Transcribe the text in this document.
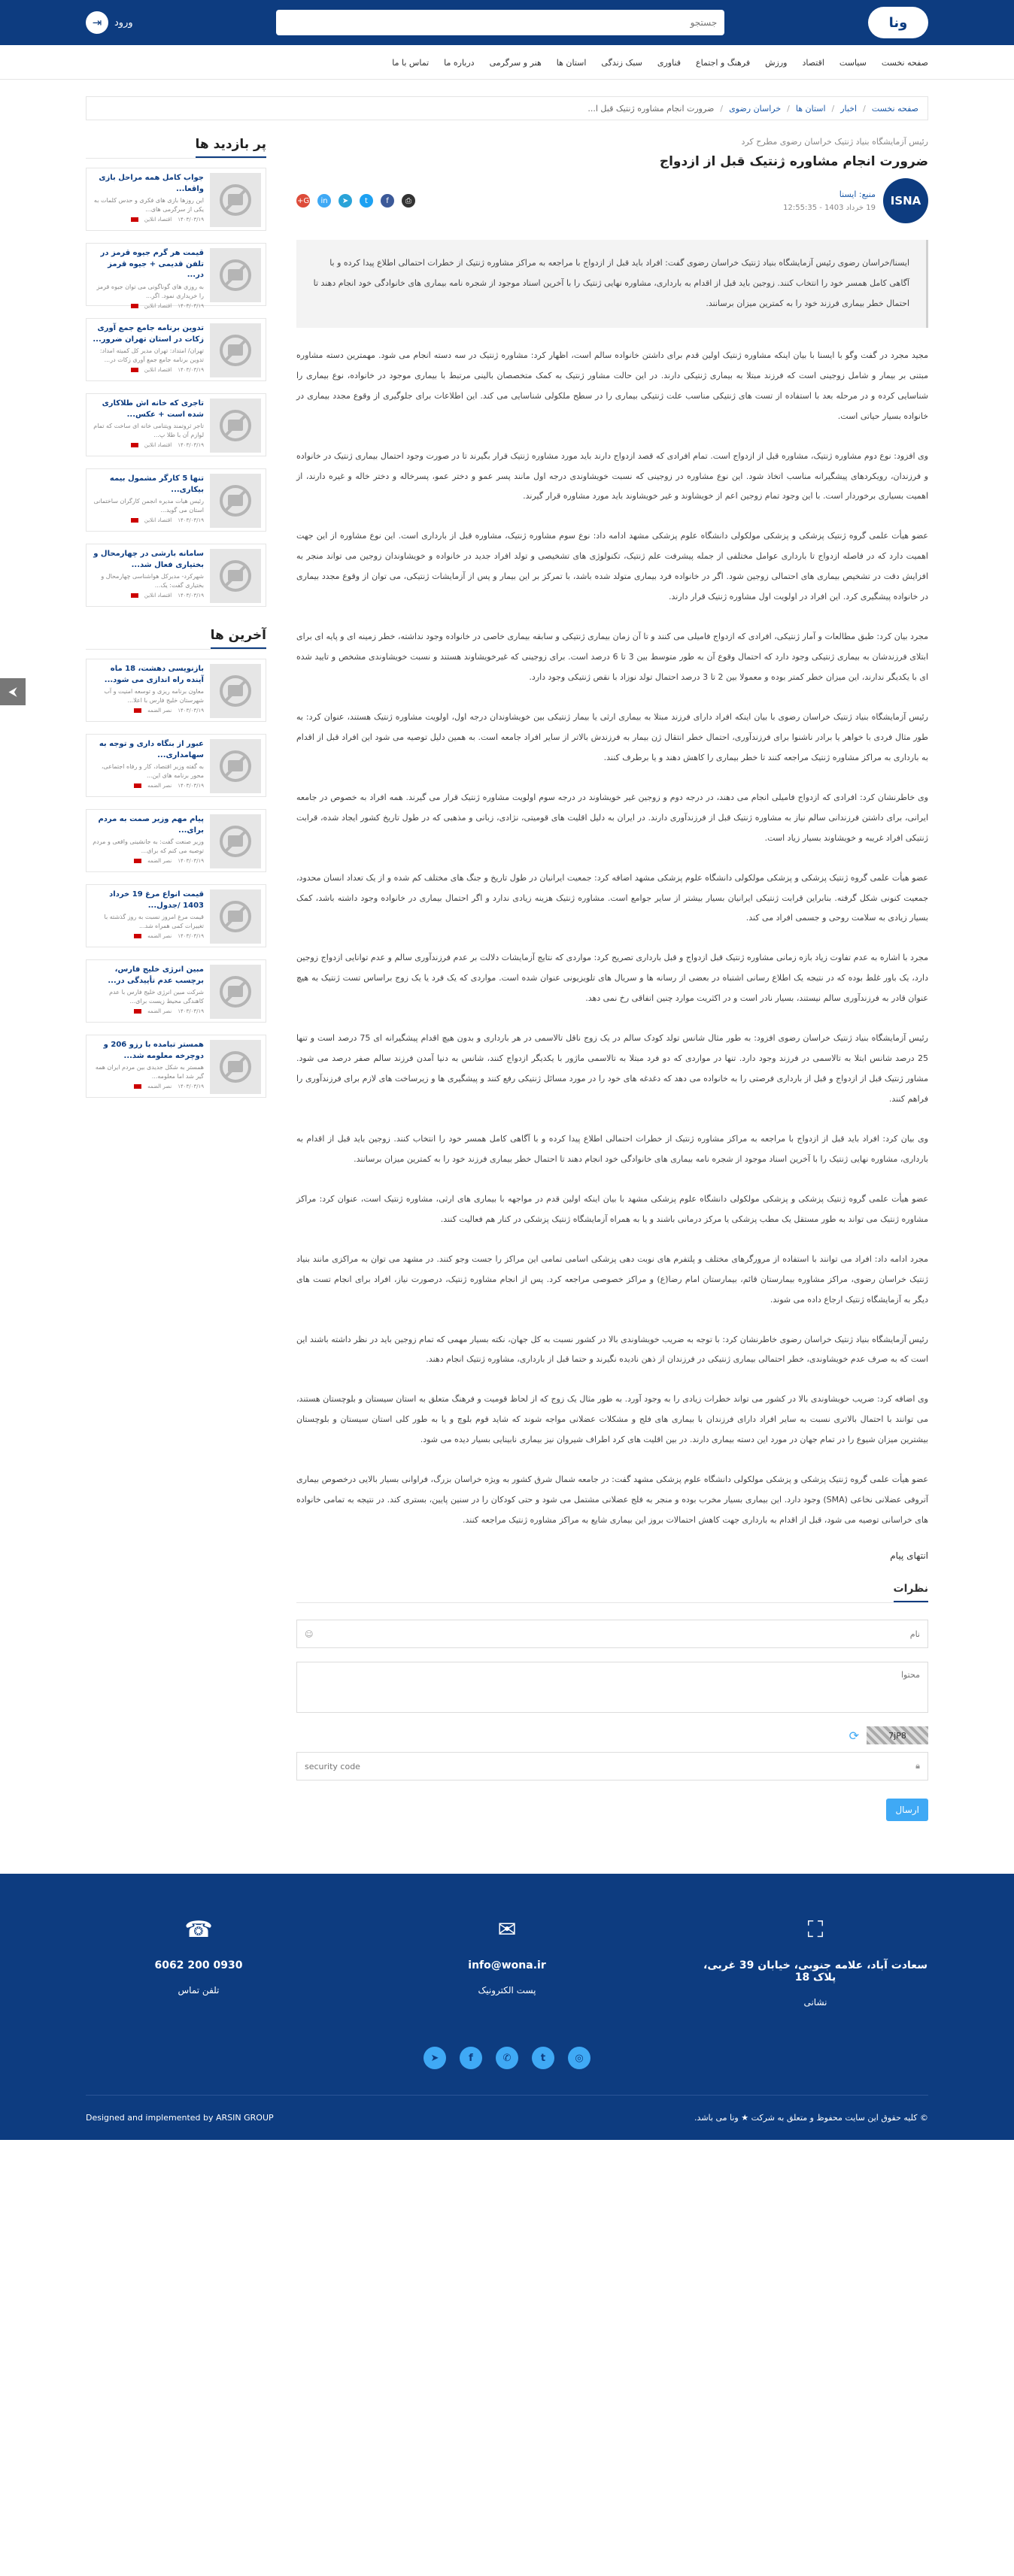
ونا
جستجو
ورود
⇥
صفحه نخست
سیاست
اقتصاد
ورزش
فرهنگ و اجتماع
فناوری
سبک زندگی
استان ها
هنر و سرگرمی
درباره ما
تماس با ما
صفحه نخست
/
اخبار
/
استان ها
/
خراسان رضوی
/
ضرورت انجام مشاوره ژنتیک قبل ا...
رئیس آزمایشگاه بنیاد ژنتیک خراسان رضوی مطرح کرد
ضرورت انجام مشاوره ژنتیک قبل از ازدواج
ISNA
منبع: ایسنا
19 خرداد 1403 - 12:55:35
⎙
f
t
➤
in
G+
ایسنا/خراسان رضوی رئیس آزمایشگاه بنیاد ژنتیک خراسان رضوی گفت: افراد باید قبل از ازدواج با مراجعه به مراکز مشاوره ژنتیک از خطرات احتمالی اطلاع پیدا کرده و با آگاهی کامل همسر خود را انتخاب کنند. زوجین باید قبل از اقدام به بارداری، مشاوره نهایی ژنتیک را با آخرین اسناد موجود از شجره نامه بیماری های خانوادگی خود انجام دهند تا احتمال خطر بیماری فرزند خود را به کمترین میزان برسانند.

مجید مجرد در گفت وگو با ایسنا با بیان اینکه مشاوره ژنتیک اولین قدم برای داشتن خانواده سالم است، اظهار کرد: مشاوره ژنتیک در سه دسته انجام می شود. مهمترین دسته مشاوره مبتنی بر بیمار و شامل زوجینی است که فرزند مبتلا به بیماری ژنتیکی دارند. در این حالت مشاور ژنتیک به کمک متخصصان بالینی مرتبط با بیماری موجود در خانواده، نوع بیماری را شناسایی کرده و در مرحله بعد با استفاده از تست های ژنتیکی مناسب علت ژنتیکی بیماری را در سطح ملکولی شناسایی می کند. این اطلاعات برای جلوگیری از وقوع مجدد بیماری در خانواده بسیار حیاتی است.

وی افزود: نوع دوم مشاوره ژنتیک، مشاوره قبل از ازدواج است. تمام افرادی که قصد ازدواج دارند باید مورد مشاوره ژنتیک قرار بگیرند تا در صورت وجود احتمال بیماری ژنتیک در خانواده و فرزندان، رویکردهای پیشگیرانه مناسب اتخاذ شود. این نوع مشاوره در زوجینی که نسبت خویشاوندی درجه اول مانند پسر عمو و دختر عمو، پسرخاله و دختر خاله و غیره دارند، از اهمیت بسیاری برخوردار است. با این وجود تمام زوجین اعم از خویشاوند و غیر خویشاوند باید مورد مشاوره قرار گیرند.

عضو هیأت علمی گروه ژنتیک پزشکی و پزشکی مولکولی دانشگاه علوم پزشکی مشهد ادامه داد: نوع سوم مشاوره ژنتیک، مشاوره قبل از بارداری است. این نوع مشاوره از این جهت اهمیت دارد که در فاصله ازدواج تا بارداری عوامل مختلفی از جمله پیشرفت علم ژنتیک، تکنولوژی های تشخیصی و تولد افراد جدید در خانواده و خویشاوندان زوجین می تواند منجر به افزایش دقت در تشخیص بیماری های احتمالی زوجین شود. اگر در خانواده فرد بیماری متولد شده باشد، با تمرکز بر این بیمار و پس از آزمایشات ژنتیکی، می توان از وقوع مجدد بیماری در خانواده پیشگیری کرد. این افراد در اولویت اول مشاوره ژنتیک قرار دارند.

مجرد بیان کرد: طبق مطالعات و آمار ژنتیکی، افرادی که ازدواج فامیلی می کنند و تا آن زمان بیماری ژنتیکی و سابقه بیماری خاصی در خانواده وجود نداشته، خطر زمینه ای و پایه ای برای ابتلای فرزندشان به بیماری ژنتیکی وجود دارد که احتمال وقوع آن به طور متوسط بین 3 تا 6 درصد است. برای زوجینی که غیرخویشاوند هستند و نسبت خویشاوندی مشخص و تایید شده ای با یکدیگر ندارند، این میزان خطر کمتر بوده و معمولا بین 2 تا 3 درصد احتمال تولد نوزاد با نقص ژنتیکی وجود دارد.

رئیس آزمایشگاه بنیاد ژنتیک خراسان رضوی با بیان اینکه افراد دارای فرزند مبتلا به بیماری ارثی یا بیمار ژنتیکی بین خویشاوندان درجه اول، اولویت مشاوره ژنتیک هستند، عنوان کرد: به طور مثال فردی با خواهر یا برادر ناشنوا برای فرزندآوری، احتمال خطر انتقال ژن بیمار به فرزندش بالاتر از سایر افراد جامعه است. به همین دلیل توصیه می شود این افراد قبل از اقدام به بارداری به مراکز مشاوره ژنتیک مراجعه کنند تا خطر بیماری را کاهش دهند و یا برطرف کنند.

وی خاطرنشان کرد: افرادی که ازدواج فامیلی انجام می دهند، در درجه دوم و زوجین غیر خویشاوند در درجه سوم اولویت مشاوره ژنتیک قرار می گیرند. همه افراد به خصوص در جامعه ایرانی، برای داشتن فرزندانی سالم نیاز به مشاوره ژنتیک قبل از فرزندآوری دارند. در ایران به دلیل اقلیت های قومیتی، نژادی، زبانی و مذهبی که در طول تاریخ کشور ایجاد شده، قرابت ژنتیکی افراد غریبه و خویشاوند بسیار زیاد است.

عضو هیأت علمی گروه ژنتیک پزشکی و پزشکی مولکولی دانشگاه علوم پزشکی مشهد اضافه کرد: جمعیت ایرانیان در طول تاریخ و جنگ های مختلف کم شده و از یک تعداد انسان محدود، جمعیت کنونی شکل گرفته. بنابراین قرابت ژنتیکی ایرانیان بسیار بیشتر از سایر جوامع است. مشاوره ژنتیک هزینه زیادی ندارد و اگر احتمال بیماری در خانواده وجود داشته باشد، کمک بسیار زیادی به سلامت روحی و جسمی افراد می کند.

مجرد با اشاره به عدم تفاوت زیاد بازه زمانی مشاوره ژنتیک قبل ازدواج و قبل بارداری تصریح کرد: مواردی که نتایج آزمایشات دلالت بر عدم فرزندآوری سالم و عدم توانایی ازدواج زوجین دارد، یک باور غلط بوده که در نتیجه یک اطلاع رسانی اشتباه در بعضی از رسانه ها و سریال های تلویزیونی عنوان شده است. مواردی که یک فرد یا یک زوج براساس تست ژنتیک به هیچ عنوان قادر به فرزندآوری سالم نیستند، بسیار نادر است و در اکثریت موارد چنین اتفاقی رخ نمی دهد.

رئیس آزمایشگاه بنیاد ژنتیک خراسان رضوی افزود: به طور مثال شانس تولد کودک سالم در یک زوج ناقل تالاسمی در هر بارداری و بدون هیچ اقدام پیشگیرانه ای 75 درصد است و تنها 25 درصد شانس ابتلا به تالاسمی در فرزند وجود دارد. تنها در مواردی که دو فرد مبتلا به تالاسمی ماژور با یکدیگر ازدواج کنند، شانس به دنیا آمدن فرزند سالم صفر درصد می شود. مشاور ژنتیک قبل از ازدواج و قبل از بارداری فرصتی را به خانواده می دهد که دغدغه های خود را در مورد مسائل ژنتیکی رفع کنند و پیشگیری ها و زیرساخت های لازم برای فرزندآوری را فراهم کنند.

وی بیان کرد: افراد باید قبل از ازدواج با مراجعه به مراکز مشاوره ژنتیک از خطرات احتمالی اطلاع پیدا کرده و با آگاهی کامل همسر خود را انتخاب کنند. زوجین باید قبل از اقدام به بارداری، مشاوره نهایی ژنتیک را با آخرین اسناد موجود از شجره نامه بیماری های خانوادگی خود انجام دهند تا احتمال خطر بیماری فرزند خود را به کمترین میزان برسانند.

عضو هیأت علمی گروه ژنتیک پزشکی و پزشکی مولکولی دانشگاه علوم پزشکی مشهد با بیان اینکه اولین قدم در مواجهه با بیماری های ارثی، مشاوره ژنتیک است، عنوان کرد: مراکز مشاوره ژنتیک می تواند به طور مستقل یک مطب پزشکی یا مرکز درمانی باشند و یا به همراه آزمایشگاه ژنتیک پزشکی در کنار هم فعالیت کنند.

مجرد ادامه داد: افراد می توانند با استفاده از مرورگرهای مختلف و پلتفرم های نوبت دهی پزشکی اسامی تمامی این مراکز را جست وجو کنند. در مشهد می توان به مراکزی مانند بنیاد ژنتیک خراسان رضوی، مراکز مشاوره بیمارستان قائم، بیمارستان امام رضا(ع) و مراکز خصوصی مراجعه کرد. پس از انجام مشاوره ژنتیک، درصورت نیاز، افراد برای انجام تست های دیگر به آزمایشگاه ژنتیک ارجاع داده می شوند.

رئیس آزمایشگاه بنیاد ژنتیک خراسان رضوی خاطرنشان کرد: با توجه به ضریب خویشاوندی بالا در کشور نسبت به کل جهان، نکته بسیار مهمی که تمام زوجین باید در نظر داشته باشند این است که به صرف عدم خویشاوندی، خطر احتمالی بیماری ژنتیکی در فرزندان از ذهن نادیده نگیرند و حتما قبل از بارداری، مشاوره ژنتیک انجام دهند.

وی اضافه کرد: ضریب خویشاوندی بالا در کشور می تواند خطرات زیادی را به وجود آورد. به طور مثال یک زوج که از لحاظ قومیت و فرهنگ متعلق به استان سیستان و بلوچستان هستند، می توانند با احتمال بالاتری نسبت به سایر افراد دارای فرزندان با بیماری های فلج و مشکلات عضلانی مواجه شوند که شاید قوم بلوچ و یا به طور کلی استان سیستان و بلوچستان بیشترین میزان شیوع را در تمام جهان در مورد این دسته بیماری دارند. در بین اقلیت های کرد اطراف شیروان نیز بیماری نابینایی بسیار دیده می شود.

عضو هیأت علمی گروه ژنتیک پزشکی و پزشکی مولکولی دانشگاه علوم پزشکی مشهد گفت: در جامعه شمال شرق کشور به ویژه خراسان بزرگ، فراوانی بسیار بالایی درخصوص بیماری آتروفی عضلانی نخاعی (SMA) وجود دارد. این بیماری بسیار مخرب بوده و منجر به فلج عضلانی مشتمل می شود و حتی کودکان را در سنین پایین، بستری کند. در نتیجه به تمامی خانواده های خراسانی توصیه می شود، قبل از اقدام به بارداری جهت کاهش احتمالات بروز این بیماری شایع به مراکز مشاوره ژنتیک مراجعه کنند.

انتهای پیام
نظرات
نام
☺
محتوا
7jP8
⟳
🔒︎
security code
ارسال
پر بازدید ها
جواب کامل همه مراحل بازی واقعا...
این روزها بازی های فکری و حدس کلمات به یکی از سرگرمی های...
۱۴۰۳/۰۳/۱۹
اقتصاد انلاین
قیمت هر گرم جیوه قرمز در تلفن قدیمی + جیوه قرمز در...
به روزی های گوناگونی می توان جیوه قرمز را خریداری نمود. اگر...
۱۴۰۳/۰۳/۱۹
اقتصاد انلاین
تدوین برنامه جامع جمع آوری زکات در استان تهران ضرور...
تهران/ امتداد: تهران مدیر کل کمیته امداد: تدوین برنامه جامع جمع آوری زکات در...
۱۴۰۳/۰۳/۱۹
اقتصاد انلاین
تاجری که خانه اش طلاکاری شده است + عکس...
تاجر ثروتمند ویتنامی خانه ای ساخت که تمام لوازم آن با طلا پ...
۱۴۰۳/۰۳/۱۹
اقتصاد انلاین
تنها 5 کارگر مشمول بیمه بیکاری...
رئیس هیات مدیره انجمن کارگران ساختمانی استان می گوید...
۱۴۰۳/۰۳/۱۹
اقتصاد انلاین
سامانه بارشی در چهارمحال و بختیاری فعال شد...
شهرکرد- مدیرکل هواشناسی چهارمحال و بختیاری گفت: یک...
۱۴۰۳/۰۳/۱۹
اقتصاد انلاین
آخرین ها
بازنویسی دهشت، 18 ماه آینده راه اندازی می شود...
معاون برنامه ریزی و توسعه امنیت و آب شهرستان خلیج فارس با اعلا...
۱۴۰۳/۰۳/۱۹
نصر الضمه
عبور از بنگاه داری و توجه به سهامداری...
به گفته وزیر اقتصاد، کار و رفاه اجتماعی، محور برنامه های این...
۱۴۰۳/۰۳/۱۹
نصر الضمه
پیام مهم وزیر صمت به مردم برای...
وزیر صنعت گفت: به جانشینی واقعی و مردم توصیه می کنم که برای...
۱۴۰۳/۰۳/۱۹
نصر الضمه
قیمت انواع مرغ 19 خرداد 1403 /جدول...
قیمت مرغ امروز نسبت به روز گذشته با تغییرات کمی همراه شد...
۱۴۰۳/۰۳/۱۹
نصر الضمه
مبین انرژی خلیج فارس، برچسب عدم تأییدگی در...
شرکت مبین انرژی خلیج فارس با عدم کاهندگی محیط زیست برای...
۱۴۰۳/۰۳/۱۹
نصر الضمه
همستر تبامده با رزو 206 و دوچرخه معلومه شد...
همستر به شکل جدیدی بین مردم ایران همه گیر شد اما معلومه...
۱۴۰۳/۰۳/۱۹
نصر الضمه
⛶
سعادت آباد، علامه جنوبی، خیابان 39 غربی، پلاک 18
نشانی
✉
info@wona.ir
پست الکترونیک
☎
0930 200 6062
تلفن تماس
◎
t
✆
f
➤
© کلیه حقوق این سایت محفوظ و متعلق به شرکت ★ ونا می باشد.
Designed and implemented by ARSIN GROUP
⮜
